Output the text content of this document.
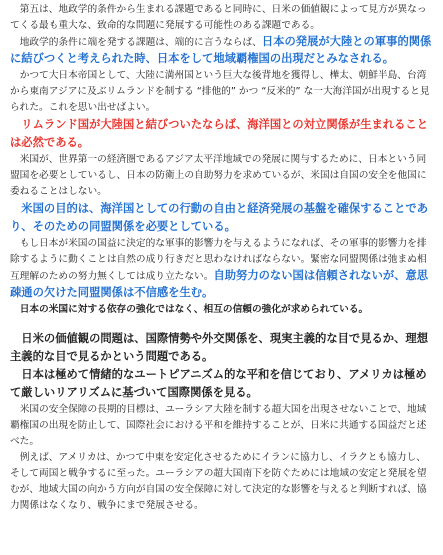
第五は、地政学的条件から生まれる課題であると同時に、日米の価値観によって見方が異なってくる最も重大な、致命的な問題に発展する可能性のある課題である。

地政学的条件に端を発する課題は、端的に言うならば、日本の発展が大陸との軍事的関係に結びつくと考えられた時、日本をして地域覇権国の出現だとみなされる。

かつて大日本帝国として、大陸に満州国という巨大な後背地を獲得し、樺太、朝鮮半島、台湾から東南アジアに及ぶリムランドを制する “排他的” かつ “反米的” な一大海洋国が出現すると見られた。これを思い出せばよい。

リムランド国が大陸国と結びついたならば、海洋国との対立関係が生まれることは必然である。

米国が、世界第一の経済圏であるアジア太平洋地域での発展に関与するために、日本という同盟国を必要としているし、日本の防衛上の自助努力を求めているが、米国は自国の安全を他国に委ねることはしない。

米国の目的は、海洋国としての行動の自由と経済発展の基盤を確保することであり、そのための同盟関係を必要としている。

もし日本が米国の国益に決定的な軍事的影響力を与えるようになれば、その軍事的影響力を排除するように動くことは自然の成り行きだと思わなければならない。緊密な同盟関係は弛まぬ相互理解のための努力無くしては成り立たない。自助努力のない国は信頼されないが、意思疎通の欠けた同盟関係は不信感を生む。

日本の米国に対する依存の強化ではなく、相互の信頼の強化が求められている。

日米の価値観の問題は、国際情勢や外交関係を、現実主義的な目で見るか、理想主義的な目で見るかという問題である。

日本は極めて情緒的なユートピアニズム的な平和を信じており、アメリカは極めて厳しいリアリズムに基づいて国際関係を見る。

米国の安全保障の長期的目標は、ユーラシア大陸を制する超大国を出現させないことで、地域覇権国の出現を防止して、国際社会における平和を維持することが、日米に共通する国益だと述べた。

例えば、アメリカは、かつて中東を安定化させるためにイランに協力し、イラクとも協力し、そして両国と戦争するに至った。ユーラシアの超大国南下を防ぐためには地域の安定と発展を望むが、地域大国の向かう方向が自国の安全保障に対して決定的な影響を与えると判断すれば、協力関係はなくなり、戦争にまで発展させる。
